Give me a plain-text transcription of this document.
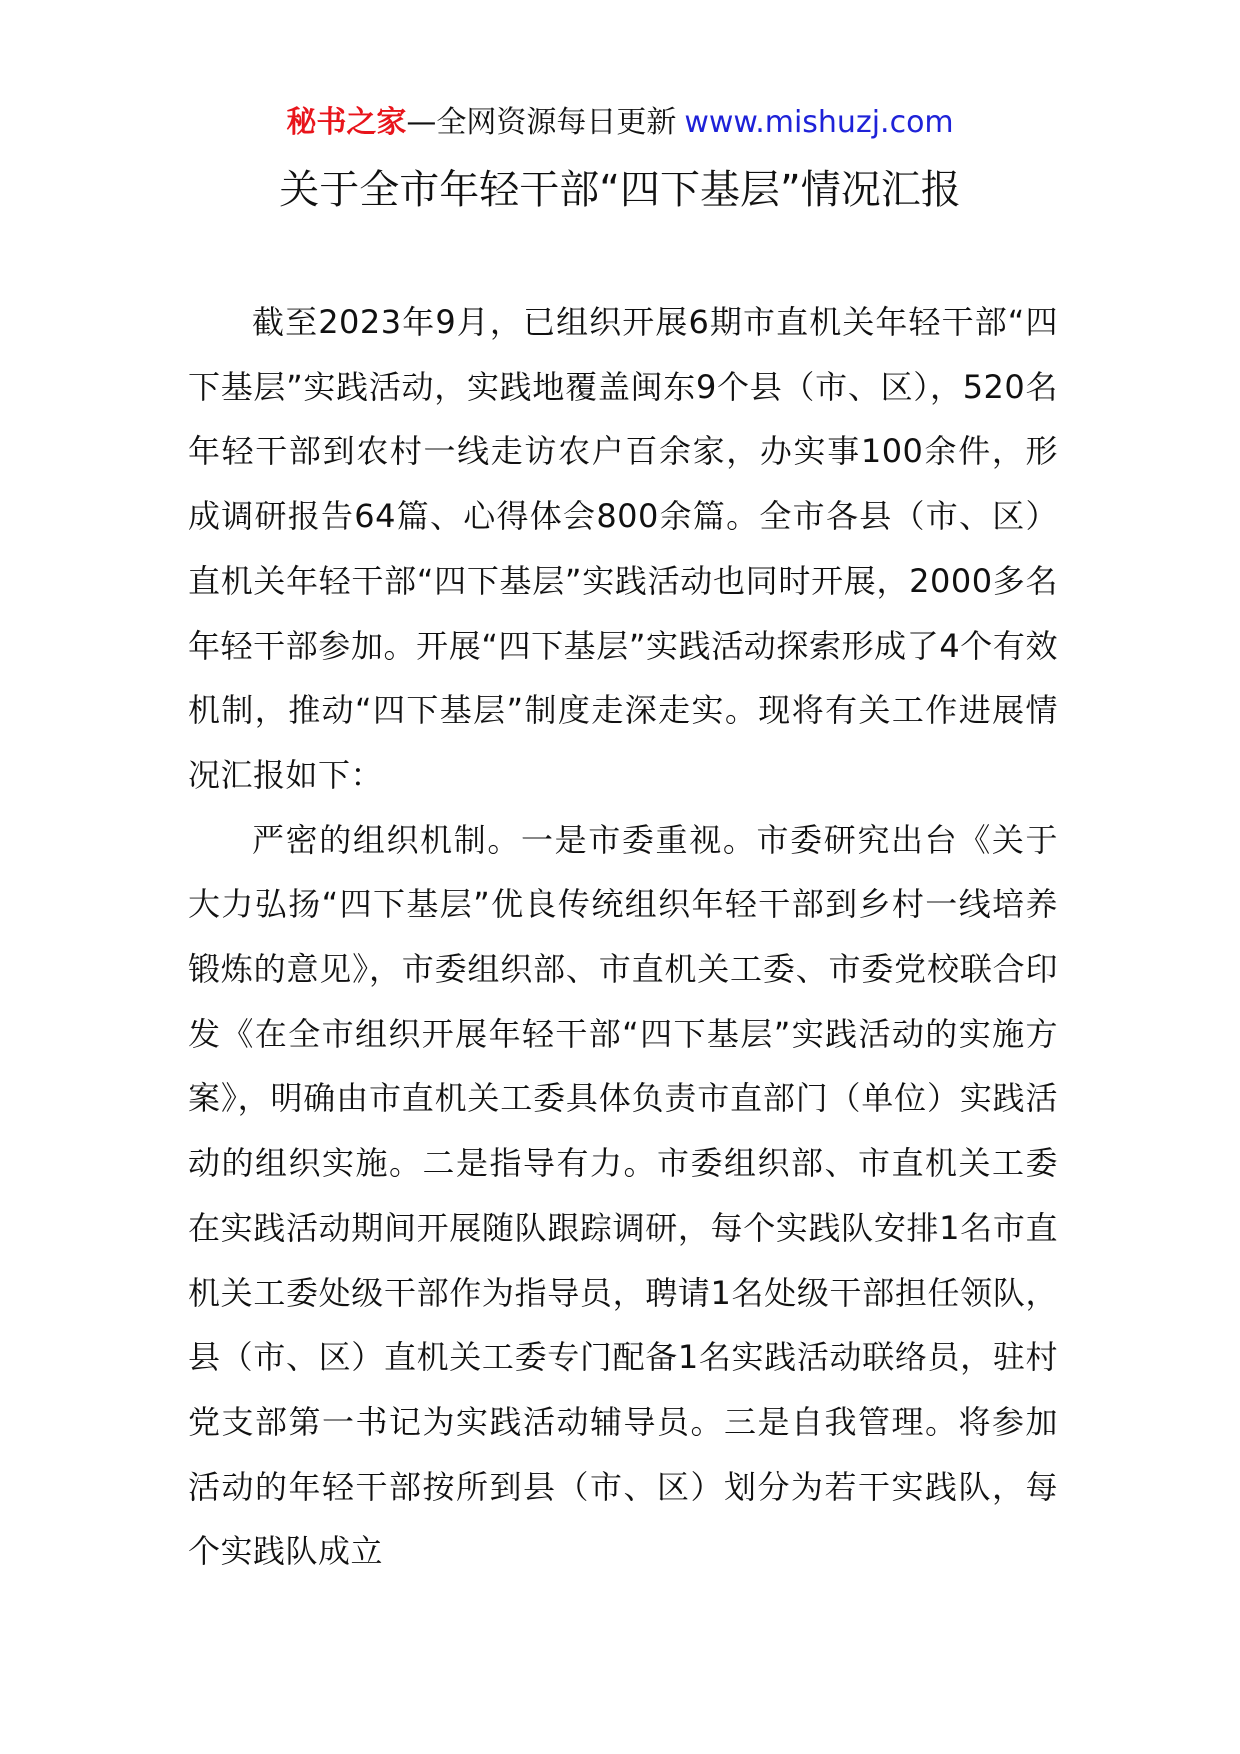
秘书之家—全网资源每日更新 www.mishuzj.com
关于全市年轻干部“四下基层”情况汇报

截至2023年9月，已组织开展6期市直机关年轻干部“四下基层”实践活动，实践地覆盖闽东9个县（市、区），520名年轻干部到农村一线走访农户百余家，办实事100余件，形成调研报告64篇、心得体会800余篇。全市各县（市、区）直机关年轻干部“四下基层”实践活动也同时开展，2000多名年轻干部参加。开展“四下基层”实践活动探索形成了4个有效机制，推动“四下基层”制度走深走实。现将有关工作进展情况汇报如下：

严密的组织机制。一是市委重视。市委研究出台《关于大力弘扬“四下基层”优良传统组织年轻干部到乡村一线培养锻炼的意见》，市委组织部、市直机关工委、市委党校联合印发《在全市组织开展年轻干部“四下基层”实践活动的实施方案》，明确由市直机关工委具体负责市直部门（单位）实践活动的组织实施。二是指导有力。市委组织部、市直机关工委在实践活动期间开展随队跟踪调研，每个实践队安排1名市直机关工委处级干部作为指导员，聘请1名处级干部担任领队，县（市、区）直机关工委专门配备1名实践活动联络员，驻村党支部第一书记为实践活动辅导员。三是自我管理。将参加活动的年轻干部按所到县（市、区）划分为若干实践队，每个实践队成立
